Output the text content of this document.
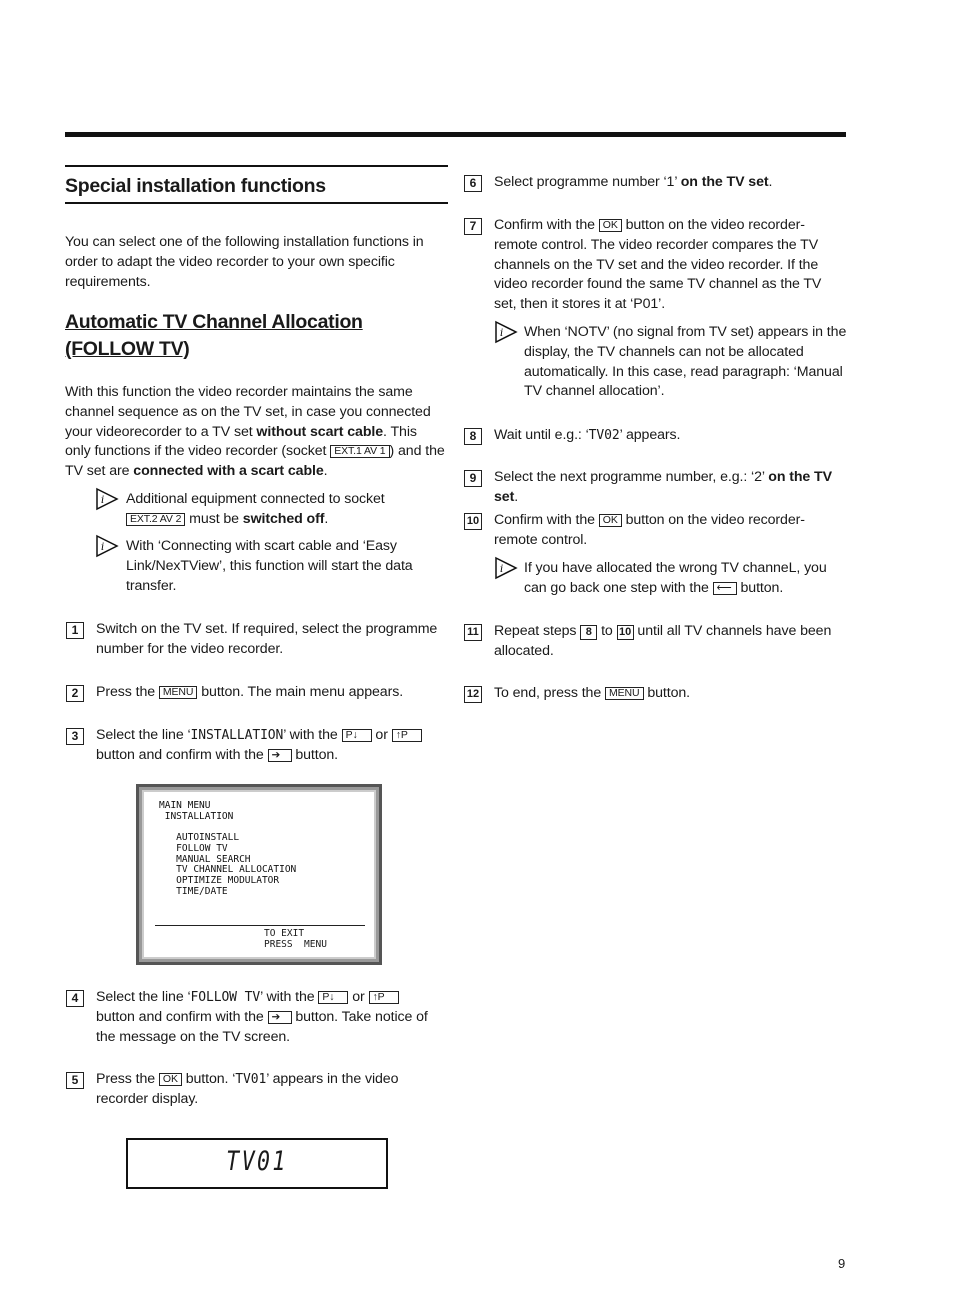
Special installation functions
You can select one of the following installation functions in order to adapt the video recorder to your own specific requirements.
Automatic TV Channel Allocation
(FOLLOW TV)
With this function the video recorder maintains the same channel sequence as on the TV set, in case you connected your videorecorder to a TV set without scart cable. This only functions if the video recorder (socket EXT.1 AV 1 ) and the TV set are connected with a scart cable.
i Additional equipment connected to socket EXT.2 AV 2 must be switched off.
i With ‘Connecting with scart cable and ‘Easy Link/NexTView’, this function will start the data transfer.
1	Switch on the TV set. If required, select the programme number for the video recorder.
2	Press the MENU button. The main menu appears.
3	Select the line ‘INSTALLATION’ with the P↓ or ↑P button and confirm with the ➔ button.
MAIN MENU
INSTALLATION

AUTOINSTALL
FOLLOW TV
MANUAL SEARCH
TV CHANNEL ALLOCATION
OPTIMIZE MODULATOR
TIME/DATE
TO EXIT
PRESS  MENU
4	Select the line ‘FOLLOW TV’ with the P↓ or ↑P button and confirm with the ➔ button. Take notice of the message on the TV screen.
5	Press the OK button. ‘TV01’ appears in the video recorder display.
TV01
6	Select programme number ‘1’ on the TV set.
7	Confirm with the OK button on the video recorder-remote control. The video recorder compares the TV channels on the TV set and the video recorder. If the video recorder found the same TV channel as the TV set, then it stores it at ‘P01’.
i When ‘NOTV’ (no signal from TV set) appears in the display, the TV channels can not be allocated automatically. In this case, read paragraph: ‘Manual TV channel allocation’.
8	Wait until e.g.: ‘TV02’ appears.
9	Select the next programme number, e.g.: ‘2’ on the TV set.
10 Confirm with the OK button on the video recorder-remote control.
i If you have allocated the wrong TV channeL, you can go back one step with the ⟵ button.
11 Repeat steps 8 to 10 until all TV channels have been allocated.
12 To end, press the MENU button.
9
